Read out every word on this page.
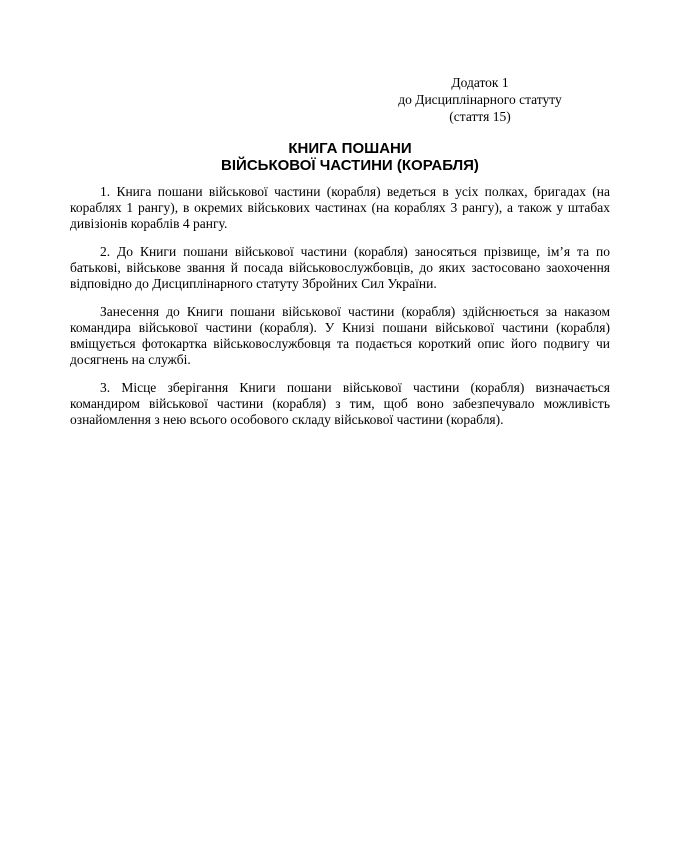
Додаток 1
до Дисциплінарного статуту
(стаття 15)
КНИГА ПОШАНИ
ВІЙСЬКОВОЇ ЧАСТИНИ (КОРАБЛЯ)

1. Книга пошани військової частини (корабля) ведеться в усіх полках, бригадах (на кораблях 1 рангу), в окремих військових частинах (на кораблях 3 рангу), а також у штабах дивізіонів кораблів 4 рангу.

2. До Книги пошани військової частини (корабля) заносяться прізвище, ім’я та по батькові, військове звання й посада військовослужбовців, до яких застосовано заохочення відповідно до Дисциплінарного статуту Збройних Сил України.

Занесення до Книги пошани військової частини (корабля) здійснюється за наказом командира військової частини (корабля). У Книзі пошани військової частини (корабля) вміщується фотокартка військовослужбовця та подається короткий опис його подвигу чи досягнень на службі.

3. Місце зберігання Книги пошани військової частини (корабля) визначається командиром військової частини (корабля) з тим, щоб воно забезпечувало можливість ознайомлення з нею всього особового складу військової частини (корабля).
